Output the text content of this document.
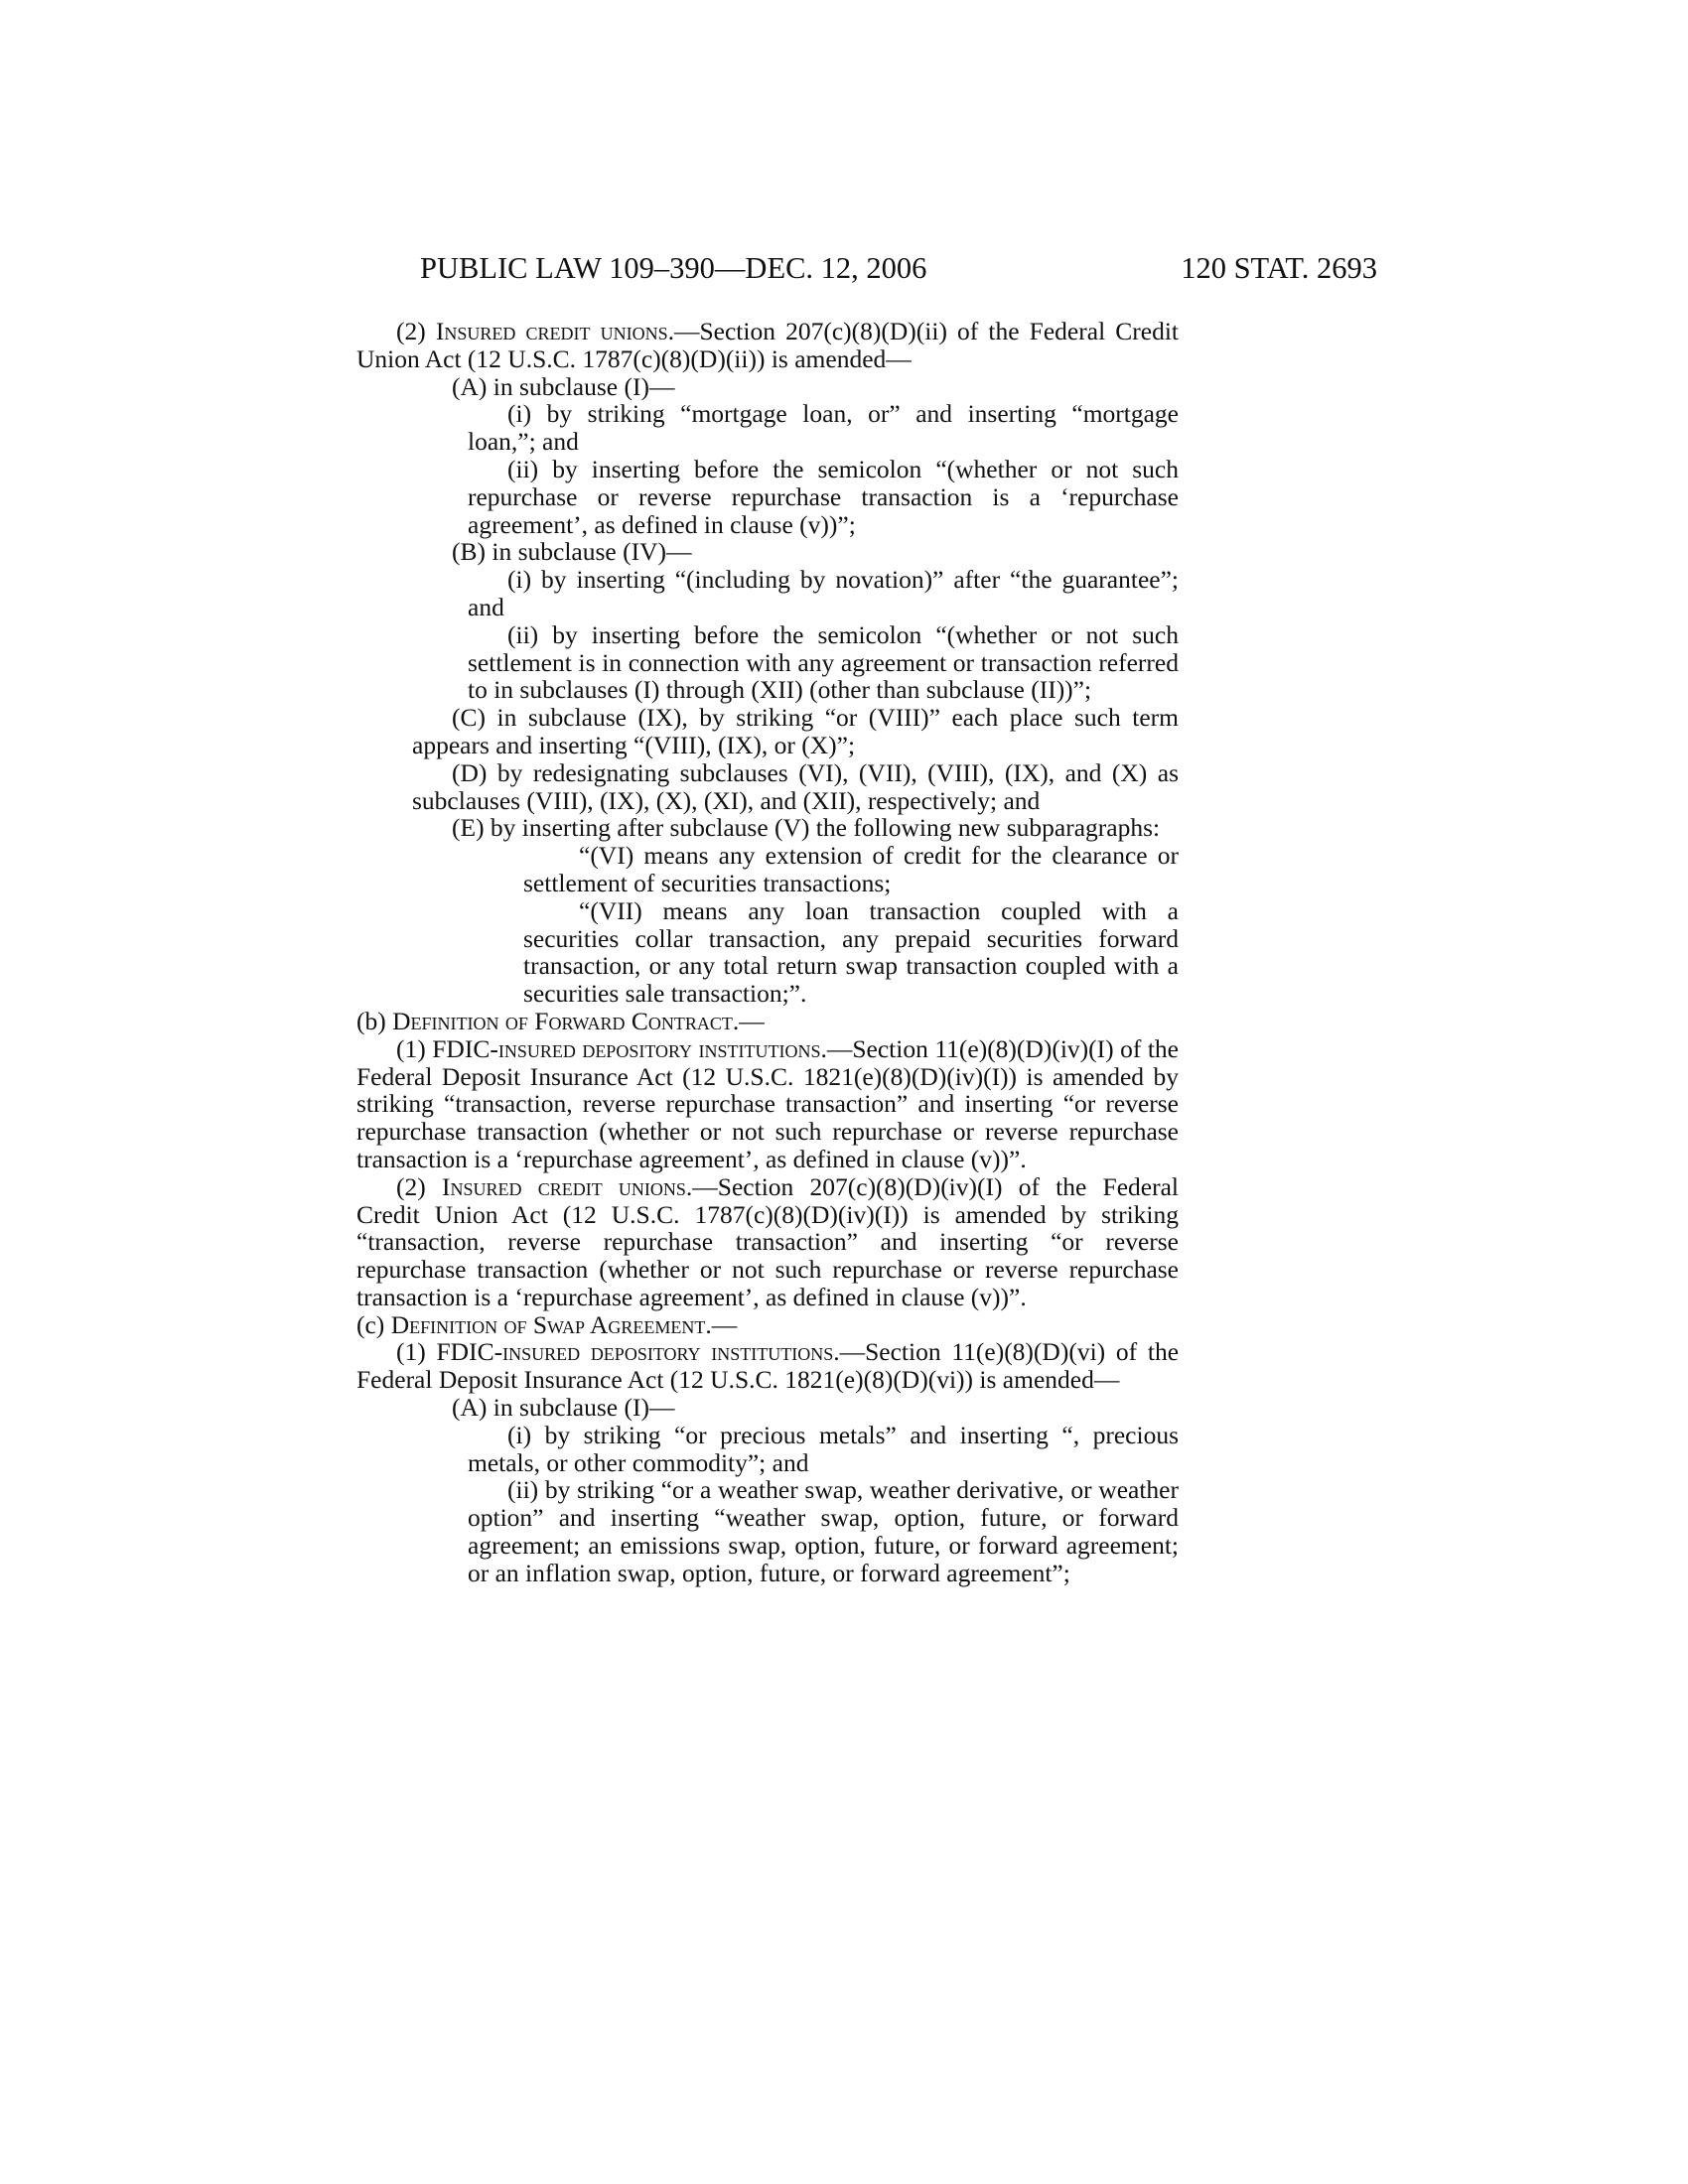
PUBLIC LAW 109–390—DEC. 12, 2006	120 STAT. 2693

(2) Insured credit unions.—Section 207(c)(8)(D)(ii) of the Federal Credit Union Act (12 U.S.C. 1787(c)(8)(D)(ii)) is amended—

(A) in subclause (I)—

(i) by striking “mortgage loan, or” and inserting “mortgage loan,”; and

(ii) by inserting before the semicolon “(whether or not such repurchase or reverse repurchase transaction is a ‘repurchase agreement’, as defined in clause (v))”;

(B) in subclause (IV)—

(i) by inserting “(including by novation)” after “the guarantee”; and

(ii) by inserting before the semicolon “(whether or not such settlement is in connection with any agreement or transaction referred to in subclauses (I) through (XII) (other than subclause (II))”;

(C) in subclause (IX), by striking “or (VIII)” each place such term appears and inserting “(VIII), (IX), or (X)”;

(D) by redesignating subclauses (VI), (VII), (VIII), (IX), and (X) as subclauses (VIII), (IX), (X), (XI), and (XII), respectively; and

(E) by inserting after subclause (V) the following new subparagraphs:

“(VI) means any extension of credit for the clearance or settlement of securities transactions;

“(VII) means any loan transaction coupled with a securities collar transaction, any prepaid securities forward transaction, or any total return swap transaction coupled with a securities sale transaction;”.

(b) Definition of Forward Contract.—

(1) FDIC-insured depository institutions.—Section 11(e)(8)(D)(iv)(I) of the Federal Deposit Insurance Act (12 U.S.C. 1821(e)(8)(D)(iv)(I)) is amended by striking “transaction, reverse repurchase transaction” and inserting “or reverse repurchase transaction (whether or not such repurchase or reverse repurchase transaction is a ‘repurchase agreement’, as defined in clause (v))”.

(2) Insured credit unions.—Section 207(c)(8)(D)(iv)(I) of the Federal Credit Union Act (12 U.S.C. 1787(c)(8)(D)(iv)(I)) is amended by striking “transaction, reverse repurchase transaction” and inserting “or reverse repurchase transaction (whether or not such repurchase or reverse repurchase transaction is a ‘repurchase agreement’, as defined in clause (v))”.

(c) Definition of Swap Agreement.—

(1) FDIC-insured depository institutions.—Section 11(e)(8)(D)(vi) of the Federal Deposit Insurance Act (12 U.S.C. 1821(e)(8)(D)(vi)) is amended—

(A) in subclause (I)—

(i) by striking “or precious metals” and inserting “, precious metals, or other commodity”; and

(ii) by striking “or a weather swap, weather derivative, or weather option” and inserting “weather swap, option, future, or forward agreement; an emissions swap, option, future, or forward agreement; or an inflation swap, option, future, or forward agreement”;
